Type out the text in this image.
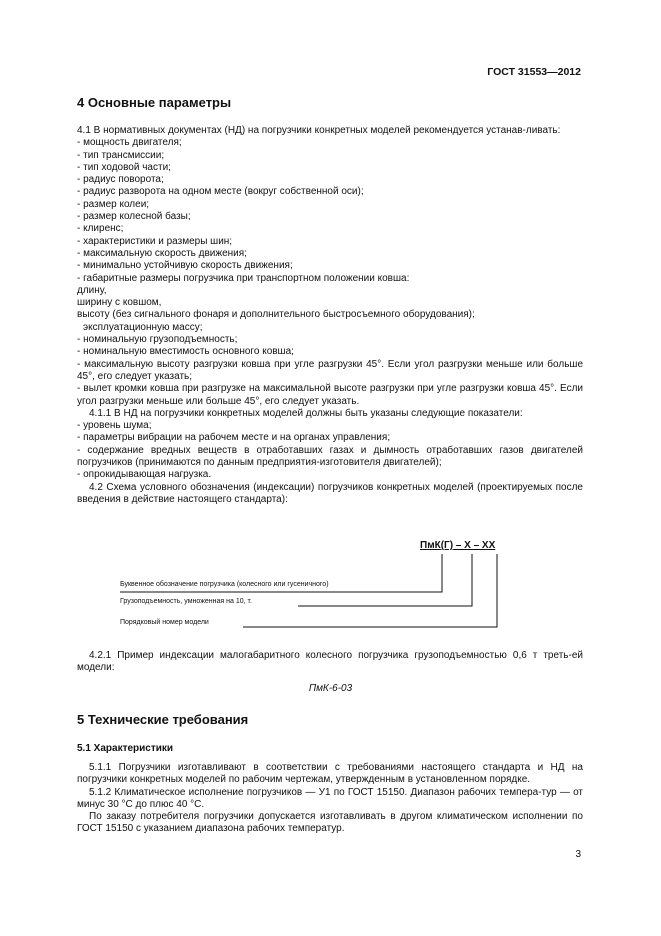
ГОСТ 31553—2012
4 Основные параметры

4.1 В нормативных документах (НД) на погрузчики конкретных моделей рекомендуется устанав-ливать:

- мощность двигателя;

- тип трансмиссии;

- тип ходовой части;

- радиус поворота;

- радиус разворота на одном месте (вокруг собственной оси);

- размер колеи;

- размер колесной базы;

- клиренс;

- характеристики и размеры шин;

- максимальную скорость движения;

- минимально устойчивую скорость движения;

- габаритные размеры погрузчика при транспортном положении ковша:

длину,

ширину с ковшом,

высоту (без сигнального фонаря и дополнительного быстросъемного оборудования);

эксплуатационную массу;

- номинальную грузоподъемность;

- номинальную вместимость основного ковша;

- максимальную высоту разгрузки ковша при угле разгрузки 45°. Если угол разгрузки меньше или больше 45°, его следует указать;

- вылет кромки ковша при разгрузке на максимальной высоте разгрузки при угле разгрузки ковша 45°. Если угол разгрузки меньше или больше 45°, его следует указать.

4.1.1 В НД на погрузчики конкретных моделей должны быть указаны следующие показатели:

- уровень шума;

- параметры вибрации на рабочем месте и на органах управления;

- содержание вредных веществ в отработавших газах и дымность отработавших газов двигателей погрузчиков (принимаются по данным предприятия-изготовителя двигателей);

- опрокидывающая нагрузка.

4.2 Схема условного обозначения (индексации) погрузчиков конкретных моделей (проектируемых после введения в действие настоящего стандарта):

ПмК(Г) – Х – ХХ
Буквенное обозначение погрузчика (колесного или гусеничного)
Грузоподъемность, умноженная на 10, т.
Порядковый номер модели

4.2.1 Пример индексации малогабаритного колесного погрузчика грузоподъемностью 0,6 т треть-ей модели:

ПмК-6-03
5 Технические требования
5.1 Характеристики

5.1.1 Погрузчики изготавливают в соответствии с требованиями настоящего стандарта и НД на погрузчики конкретных моделей по рабочим чертежам, утвержденным в установленном порядке.

5.1.2 Климатическое исполнение погрузчиков — У1 по ГОСТ 15150. Диапазон рабочих темпера-тур — от минус 30 °С до плюс 40 °С.

По заказу потребителя погрузчики допускается изготавливать в другом климатическом исполнении по ГОСТ 15150 с указанием диапазона рабочих температур.

3
